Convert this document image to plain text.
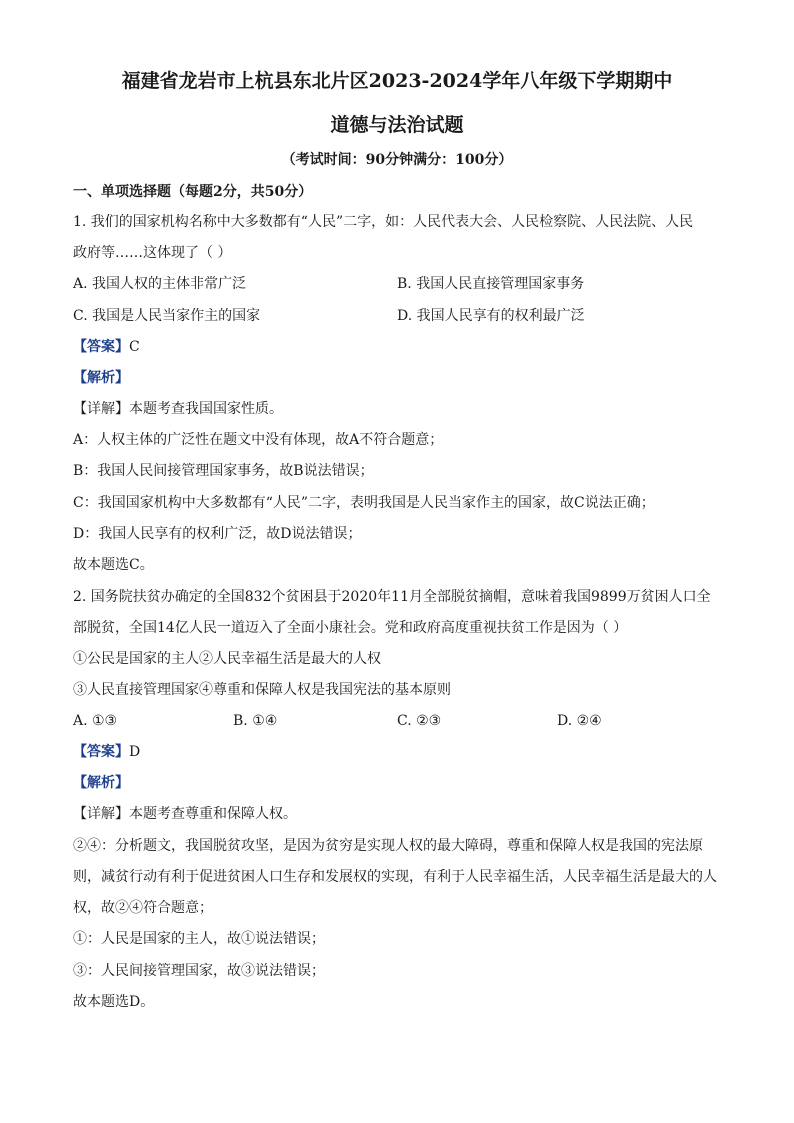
福建省龙岩市上杭县东北片区2023-2024学年八年级下学期期中
道德与法治试题
（考试时间：90分钟满分：100分）
一、单项选择题（每题2分，共50分）
1. 我们的国家机构名称中大多数都有“人民”二字，如：人民代表大会、人民检察院、人民法院、人民
政府等……这体现了（ ）
A. 我国人权的主体非常广泛	B. 我国人民直接管理国家事务
C. 我国是人民当家作主的国家	D. 我国人民享有的权利最广泛
【答案】C
【解析】
【详解】本题考查我国国家性质。
A：人权主体的广泛性在题文中没有体现，故A不符合题意；
B：我国人民间接管理国家事务，故B说法错误；
C：我国国家机构中大多数都有“人民”二字，表明我国是人民当家作主的国家，故C说法正确；
D：我国人民享有的权利广泛，故D说法错误；
故本题选C。
2. 国务院扶贫办确定的全国832个贫困县于2020年11月全部脱贫摘帽，意味着我国9899万贫困人口全
部脱贫，全国14亿人民一道迈入了全面小康社会。党和政府高度重视扶贫工作是因为（ ）
①公民是国家的主人②人民幸福生活是最大的人权
③人民直接管理国家④尊重和保障人权是我国宪法的基本原则
A. ①③	B. ①④	C. ②③	D. ②④
【答案】D
【解析】
【详解】本题考查尊重和保障人权。
②④：分析题文，我国脱贫攻坚，是因为贫穷是实现人权的最大障碍，尊重和保障人权是我国的宪法原
则，减贫行动有利于促进贫困人口生存和发展权的实现，有利于人民幸福生活，人民幸福生活是最大的人
权，故②④符合题意；
①：人民是国家的主人，故①说法错误；
③：人民间接管理国家，故③说法错误；
故本题选D。
